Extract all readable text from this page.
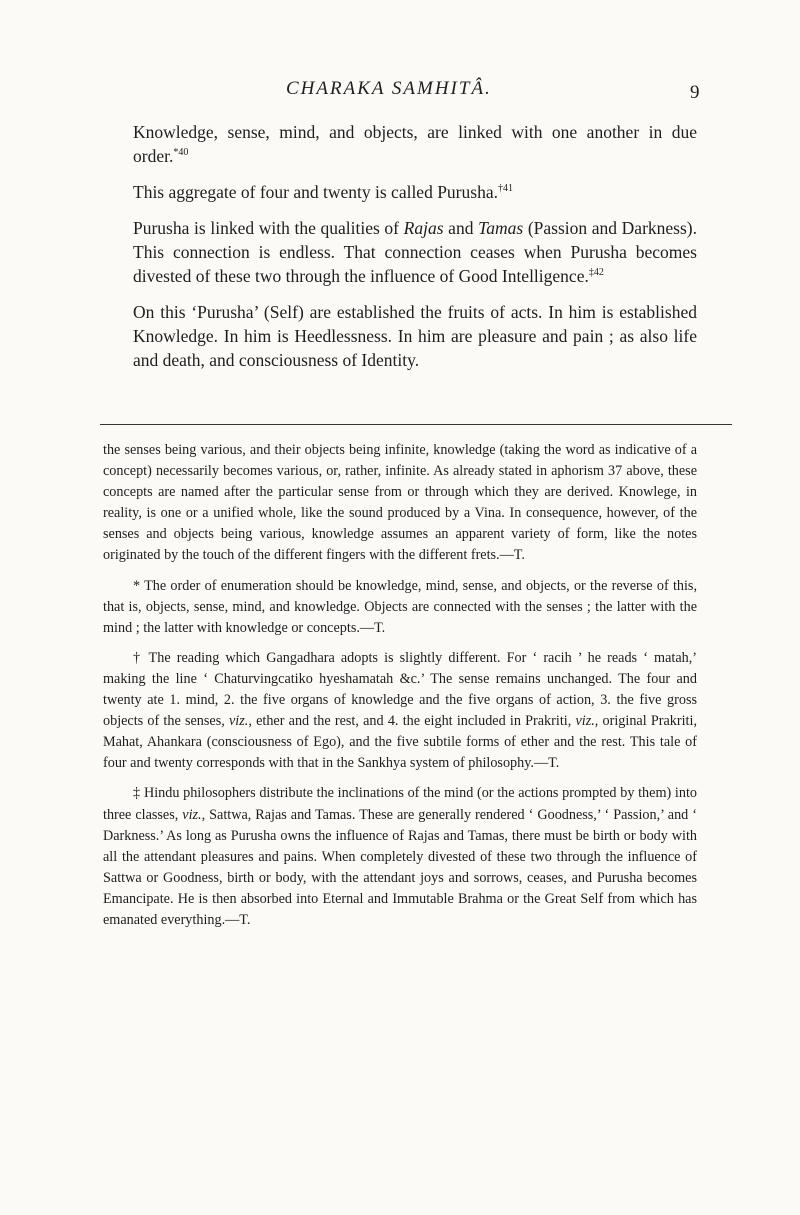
CHARAKA SAMHITÂ.	9

Knowledge, sense, mind, and objects, are linked with one another in due order.$^{*40}$

This aggregate of four and twenty is called Purusha.$^{\dagger 41}$

Purusha is linked with the qualities of Rajas and Tamas (Passion and Darkness). This connection is endless. That connection ceases when Purusha becomes divested of these two through the influence of Good Intelligence.$^{\ddagger 42}$

On this ‘Purusha’ (Self) are established the fruits of acts. In him is established Knowledge. In him is Heedlessness. In him are pleasure and pain ; as also life and death, and consciousness of Identity.

the senses being various, and their objects being infinite, knowledge (taking the word as indicative of a concept) necessarily becomes various, or, rather, infinite. As already stated in aphorism 37 above, these concepts are named after the particular sense from or through which they are derived. Knowlege, in reality, is one or a unified whole, like the sound produced by a Vina. In consequence, however, of the senses and objects being various, knowledge assumes an apparent variety of form, like the notes originated by the touch of the different fingers with the different frets.—T.

* The order of enumeration should be knowledge, mind, sense, and objects, or the reverse of this, that is, objects, sense, mind, and knowledge. Objects are connected with the senses ; the latter with the mind ; the latter with knowledge or concepts.—T.

† The reading which Gangadhara adopts is slightly different. For ‘ racih ’ he reads ‘ matah,’ making the line ‘ Chaturvingcatiko hyeshamatah &c.’ The sense remains unchanged. The four and twenty ate 1. mind, 2. the five organs of knowledge and the five organs of action, 3. the five gross objects of the senses, viz., ether and the rest, and 4. the eight included in Prakriti, viz., original Prakriti, Mahat, Ahankara (consciousness of Ego), and the five subtile forms of ether and the rest. This tale of four and twenty corresponds with that in the Sankhya system of philosophy.—T.

‡ Hindu philosophers distribute the inclinations of the mind (or the actions prompted by them) into three classes, viz., Sattwa, Rajas and Tamas. These are generally rendered ‘ Goodness,’ ‘ Passion,’ and ‘ Darkness.’ As long as Purusha owns the influence of Rajas and Tamas, there must be birth or body with all the attendant pleasures and pains. When completely divested of these two through the influence of Sattwa or Goodness, birth or body, with the attendant joys and sorrows, ceases, and Purusha becomes Emancipate. He is then absorbed into Eternal and Immutable Brahma or the Great Self from which has emanated everything.—T.
